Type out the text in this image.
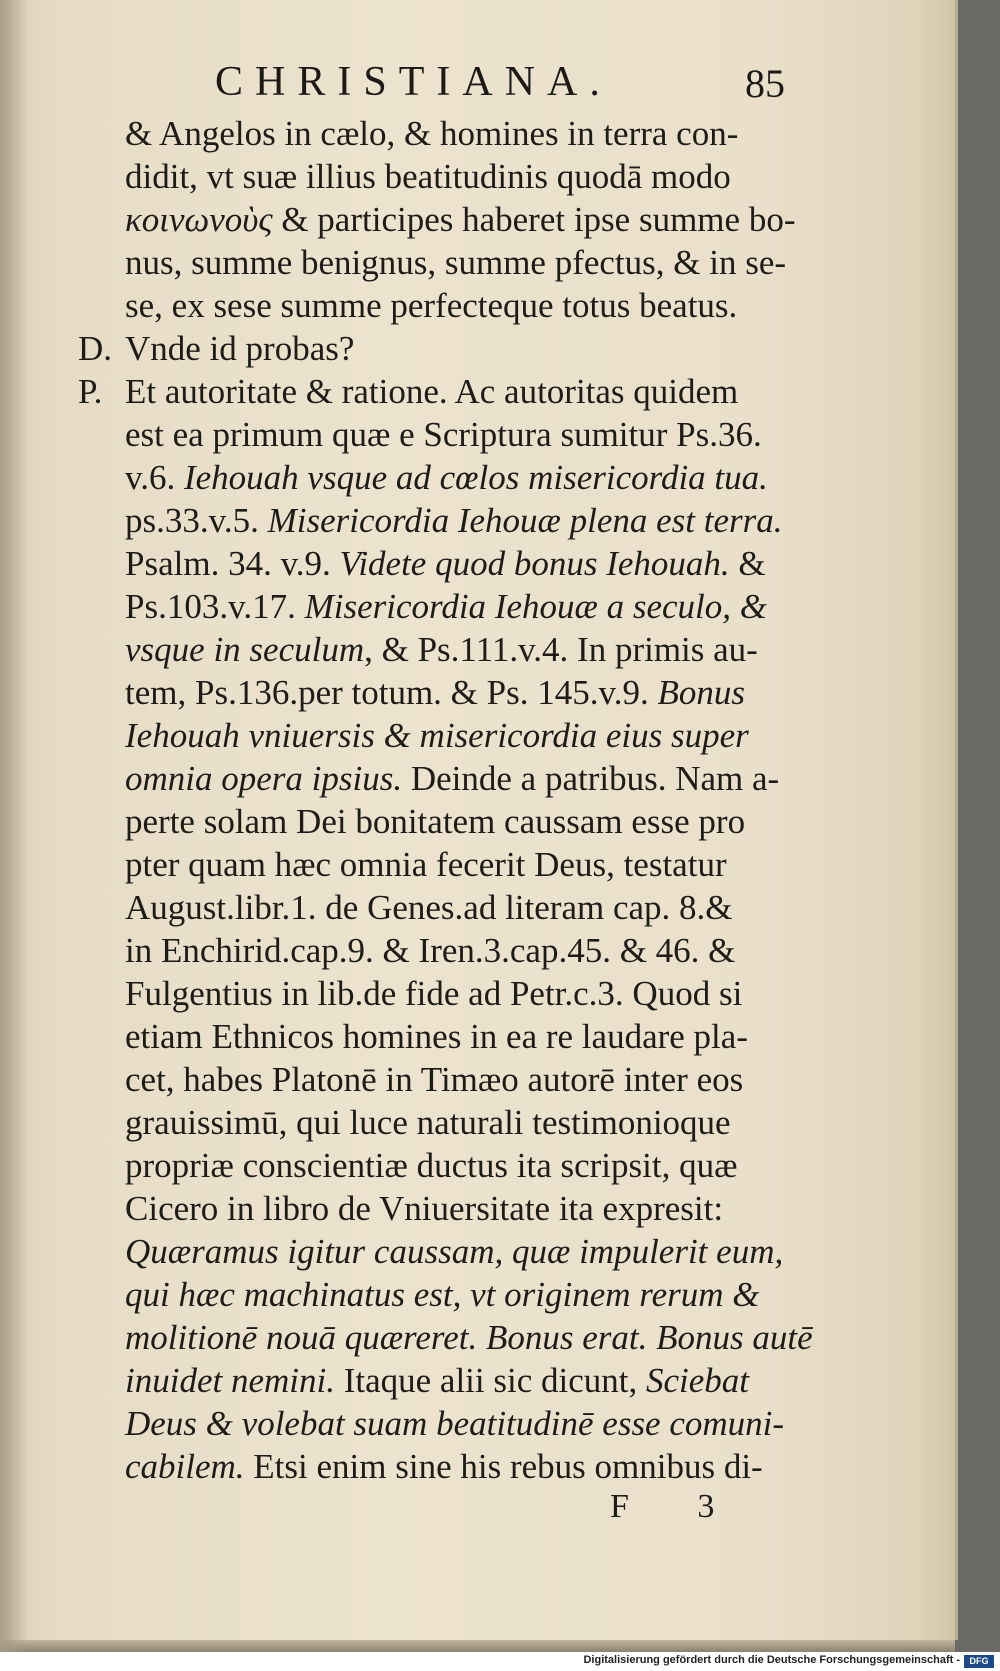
CHRISTIANA.	85
& Angelos in cælo, & homines in terra con-
didit, vt suæ illius beatitudinis quodā modo
κοινωνοὺς & participes haberet ipse summe bo-
nus, summe benignus, summe pfectus, & in se-
se, ex sese summe perfecteque totus beatus.
D. Vnde id probas?
P. Et autoritate & ratione. Ac autoritas quidem
est ea primum quæ e Scriptura sumitur Ps.36.
v.6. Iehouah vsque ad cœlos misericordia tua.
ps.33.v.5. Misericordia Iehouæ plena est terra.
Psalm. 34. v.9. Videte quod bonus Iehouah. &
Ps.103.v.17. Misericordia Iehouæ a seculo, &
vsque in seculum, & Ps.111.v.4. In primis au-
tem, Ps.136.per totum. & Ps. 145.v.9. Bonus
Iehouah vniuersis & misericordia eius super
omnia opera ipsius. Deinde a patribus. Nam a-
perte solam Dei bonitatem caussam esse pro
pter quam hæc omnia fecerit Deus, testatur
August.libr.1. de Genes.ad literam cap. 8.&
in Enchirid.cap.9. & Iren.3.cap.45. & 46. &
Fulgentius in lib.de fide ad Petr.c.3. Quod si
etiam Ethnicos homines in ea re laudare pla-
cet, habes Platonē in Timæo autorē inter eos
grauissimū, qui luce naturali testimonioque
propriæ conscientiæ ductus ita scripsit, quæ
Cicero in libro de Vniuersitate ita expresit:
Quæramus igitur caussam, quæ impulerit eum,
qui hæc machinatus est, vt originem rerum &
molitionē nouā quæreret. Bonus erat. Bonus autē
inuidet nemini. Itaque alii sic dicunt, Sciebat
Deus & volebat suam beatitudinē esse comuni-
cabilem. Etsi enim sine his rebus omnibus di-
F 3
Digitalisierung gefördert durch die Deutsche Forschungsgemeinschaft -	DFG
